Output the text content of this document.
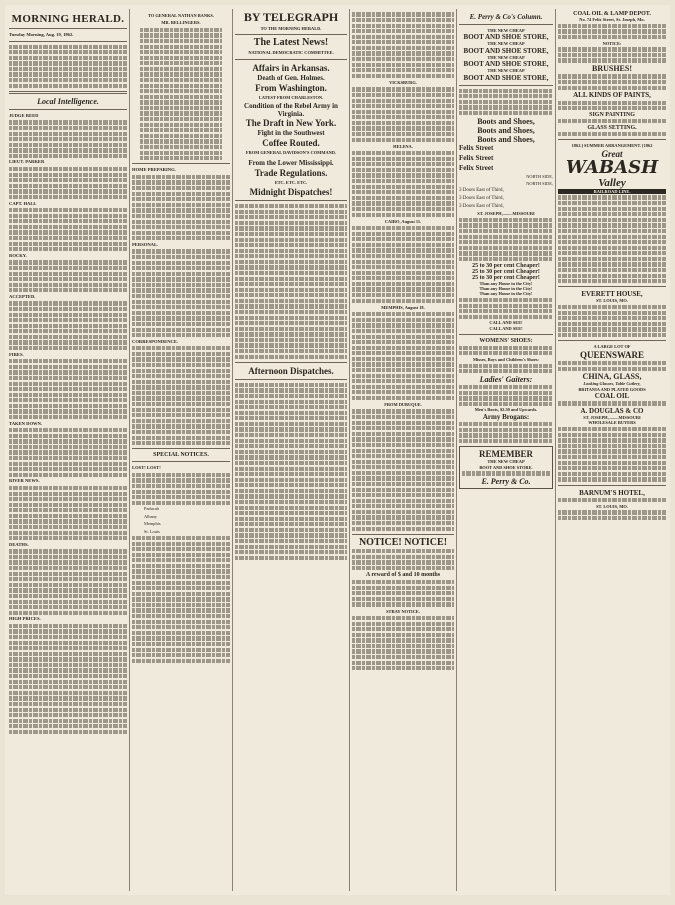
MORNING HERALD.
Tuesday Morning, Aug. 19, 1862.
Local Intelligence.
JUDGE REED
LIEUT. PARKER
CAPT. HALL
ROCKY.
ACCEPTED.
FIRES.
TAKEN DOWN.
RIVER NEWS.
DEATHS.
HIGH PRICES.
TO GENERAL NATHAN BANKS.
MR. BELLINGERS.
HOME PREPARING.
PERSONAL.
CORRESPONDENCE.
SPECIAL NOTICES.
LOST! LOST!
Paducah
Albany
Memphis
St. Louis
BY TELEGRAPH
TO THE MORNING HERALD.
The Latest News!
NATIONAL DEMOCRATIC COMMITTEE.
Affairs in Arkansas.
Death of Gen. Holmes.
From Washington.
LATEST FROM CHARLESTON.
Condition of the Rebel Army in Virginia.
The Draft in New York.
Fight in the Southwest
Coffee Routed.
FROM GENERAL DAVIDSON'S COMMAND.
From the Lower Mississippi.
Trade Regulations.
ETC. ETC. ETC.
Midnight Dispatches!
Afternoon Dispatches.
VICKSBURG.
HELENA.
CAIRO, August 11.
MEMPHIS, August 18.
FROM DUBUQUE.
NOTICE! NOTICE!
A reward of $ and 10 months
STRAY NOTICE.
E. Perry & Co's Column.
THE NEW CHEAP
BOOT AND SHOE STORE,
THE NEW CHEAP
BOOT AND SHOE STORE,
THE NEW CHEAP
BOOT AND SHOE STORE,
THE NEW CHEAP
BOOT AND SHOE STORE,
Boots and Shoes,
Boots and Shoes,
Boots and Shoes,
Felix Street
Felix Street
Felix Street
NORTH SIDE,
NORTH SIDE,
3 Doors East of Third,
3 Doors East of Third,
3 Doors East of Third,
ST. JOSEPH,.........MISSOURI
25 to 30 per cent Cheaper!
25 to 30 per cent Cheaper!
25 to 30 per cent Cheaper!
Than any House in the City!
Than any House in the City!
Than any House in the City!
CALL AND SEE!
CALL AND SEE!
WOMENS' SHOES:
Misses, Boys and Children's Shoes:
Ladies' Gaiters:
Men's Boots, $2.50 and Upwards.
Army Brogans:
REMEMBER
THE NEW CHEAP
BOOT AND SHOE STORE.
E. Perry & Co.
COAL OIL & LAMP DEPOT.
No. 74 Felix Street, St. Joseph, Mo.
NOTICE:
BRUSHES!
ALL KINDS OF PAINTS,
SIGN PAINTING
GLASS SETTING.
1862.] SUMMER ARRANGEMENT. [1862
Great
WABASH
Valley
RAILROAD LINE.
EVERETT HOUSE,
ST. LOUIS, MO.
A LARGE LOT OF
QUEENSWARE
CHINA, GLASS,
Looking Glasses, Table Cutlery,
BRITANIA AND PLATED GOODS
COAL OIL
A. DOUGLAS & CO
ST. JOSEPH,.........MISSOURI
WHOLESALE BUYERS
BARNUM'S HOTEL,
ST. LOUIS, MO.
